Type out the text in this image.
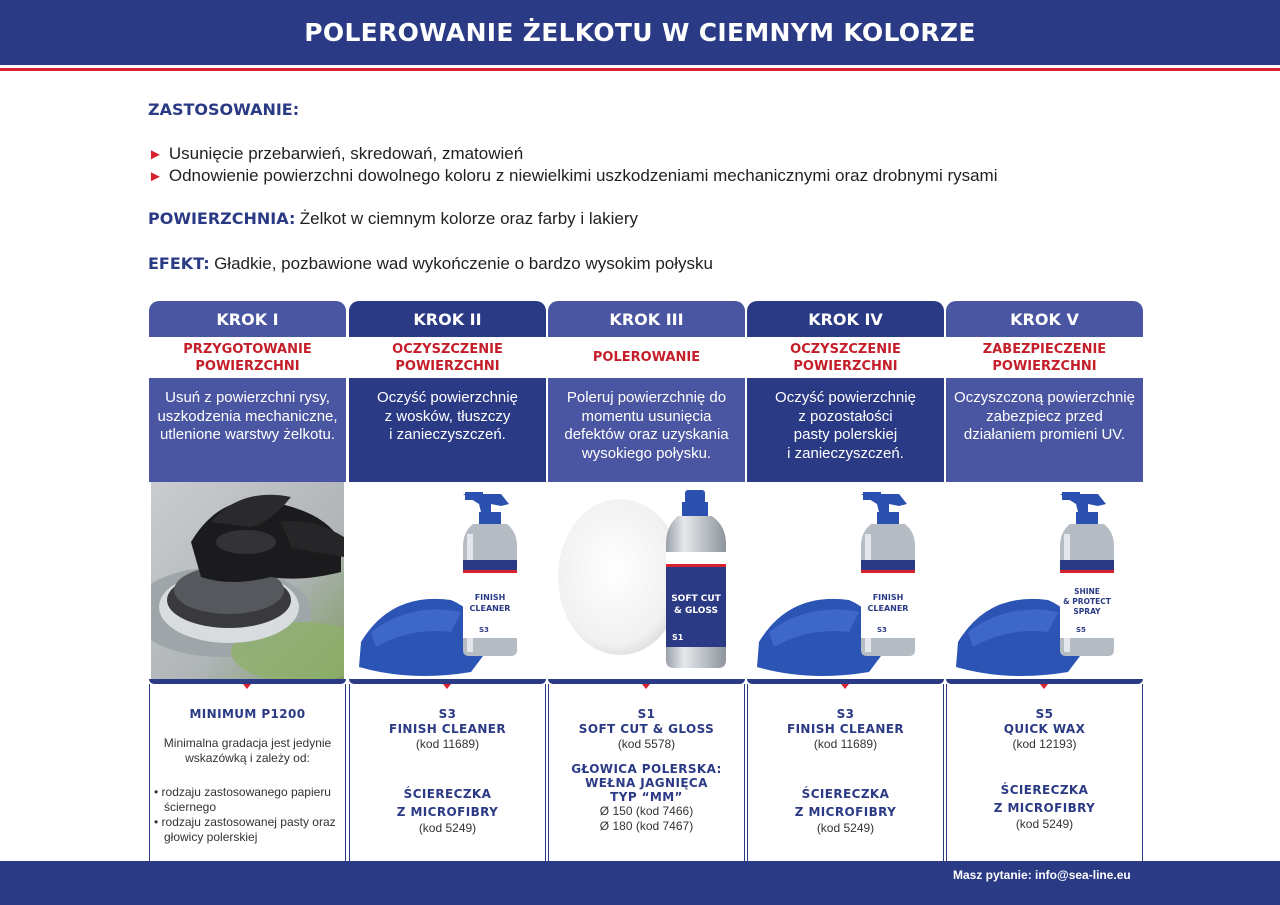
POLEROWANIE ŻELKOTU W CIEMNYM KOLORZE
ZASTOSOWANIE:
► Usunięcie przebarwień, skredowań, zmatowień
► Odnowienie powierzchni dowolnego koloru z niewielkimi uszkodzeniami mechanicznymi oraz drobnymi rysami
POWIERZCHNIA: Żelkot w ciemnym kolorze oraz farby i lakiery
EFEKT: Gładkie, pozbawione wad wykończenie o bardzo wysokim połysku
KROK I
PRZYGOTOWANIE
POWIERZCHNI
Usuń z powierzchni rysy,
uszkodzenia mechaniczne,
utlenione warstwy żelkotu.
MINIMUM P1200
Minimalna gradacja jest jedynie
wskazówką i zależy od:
• rodzaju zastosowanego papieru
ściernego
• rodzaju zastosowanej pasty oraz
głowicy polerskiej
KROK II
OCZYSZCZENIE
POWIERZCHNI
Oczyść powierzchnię
z wosków, tłuszczy
i zanieczyszczeń.
FINISH
CLEANER
S3
S3
FINISH CLEANER
(kod 11689)
ŚCIERECZKA
Z MICROFIBRY
(kod 5249)
KROK III
POLEROWANIE
Poleruj powierzchnię do
momentu usunięcia
defektów oraz uzyskania
wysokiego połysku.
SOFT CUT
& GLOSS
S1
S1
SOFT CUT & GLOSS
(kod 5578)
GŁOWICA POLERSKA:
WEŁNA JAGNIĘCA
TYP “MM”
Ø 150 (kod 7466)
Ø 180 (kod 7467)
KROK IV
OCZYSZCZENIE
POWIERZCHNI
Oczyść powierzchnię
z pozostałości
pasty polerskiej
i zanieczyszczeń.
FINISH
CLEANER
S3
S3
FINISH CLEANER
(kod 11689)
ŚCIERECZKA
Z MICROFIBRY
(kod 5249)
KROK V
ZABEZPIECZENIE
POWIERZCHNI
Oczyszczoną powierzchnię
zabezpiecz przed
działaniem promieni UV.
SHINE
& PROTECT
SPRAY
S5
S5
QUICK WAX
(kod 12193)
ŚCIERECZKA
Z MICROFIBRY
(kod 5249)
Masz pytanie: info@sea-line.eu
